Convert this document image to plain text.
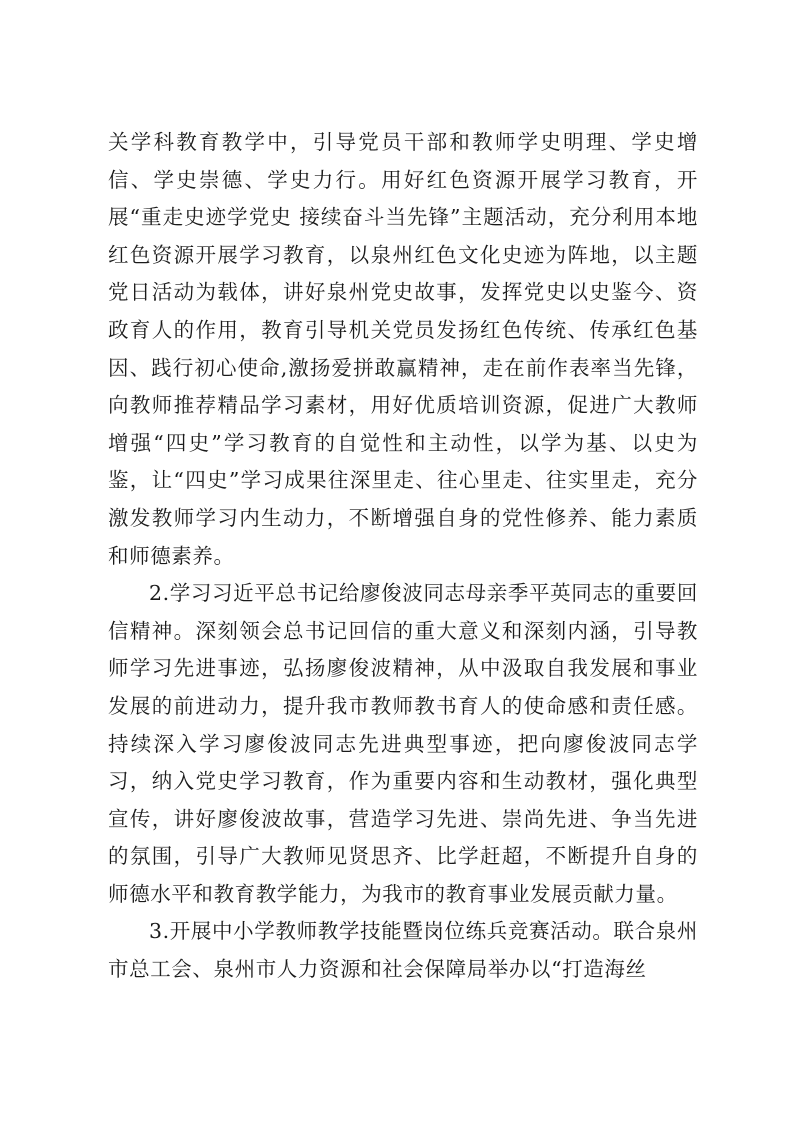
关学科教育教学中，引导党员干部和教师学史明理、学史增信、学史崇德、学史力行。用好红色资源开展学习教育，开展“重走史迹学党史 接续奋斗当先锋”主题活动，充分利用本地红色资源开展学习教育，以泉州红色文化史迹为阵地，以主题党日活动为载体，讲好泉州党史故事，发挥党史以史鉴今、资政育人的作用，教育引导机关党员发扬红色传统、传承红色基因、践行初心使命,激扬爱拼敢赢精神，走在前作表率当先锋，向教师推荐精品学习素材，用好优质培训资源，促进广大教师增强“四史”学习教育的自觉性和主动性，以学为基、以史为鉴，让“四史”学习成果往深里走、往心里走、往实里走，充分激发教师学习内生动力，不断增强自身的党性修养、能力素质和师德素养。

2.学习习近平总书记给廖俊波同志母亲季平英同志的重要回信精神。深刻领会总书记回信的重大意义和深刻内涵，引导教师学习先进事迹，弘扬廖俊波精神，从中汲取自我发展和事业发展的前进动力，提升我市教师教书育人的使命感和责任感。持续深入学习廖俊波同志先进典型事迹，把向廖俊波同志学习，纳入党史学习教育，作为重要内容和生动教材，强化典型宣传，讲好廖俊波故事，营造学习先进、崇尚先进、争当先进的氛围，引导广大教师见贤思齐、比学赶超，不断提升自身的师德水平和教育教学能力，为我市的教育事业发展贡献力量。

3.开展中小学教师教学技能暨岗位练兵竞赛活动。联合泉州市总工会、泉州市人力资源和社会保障局举办以“打造海丝
